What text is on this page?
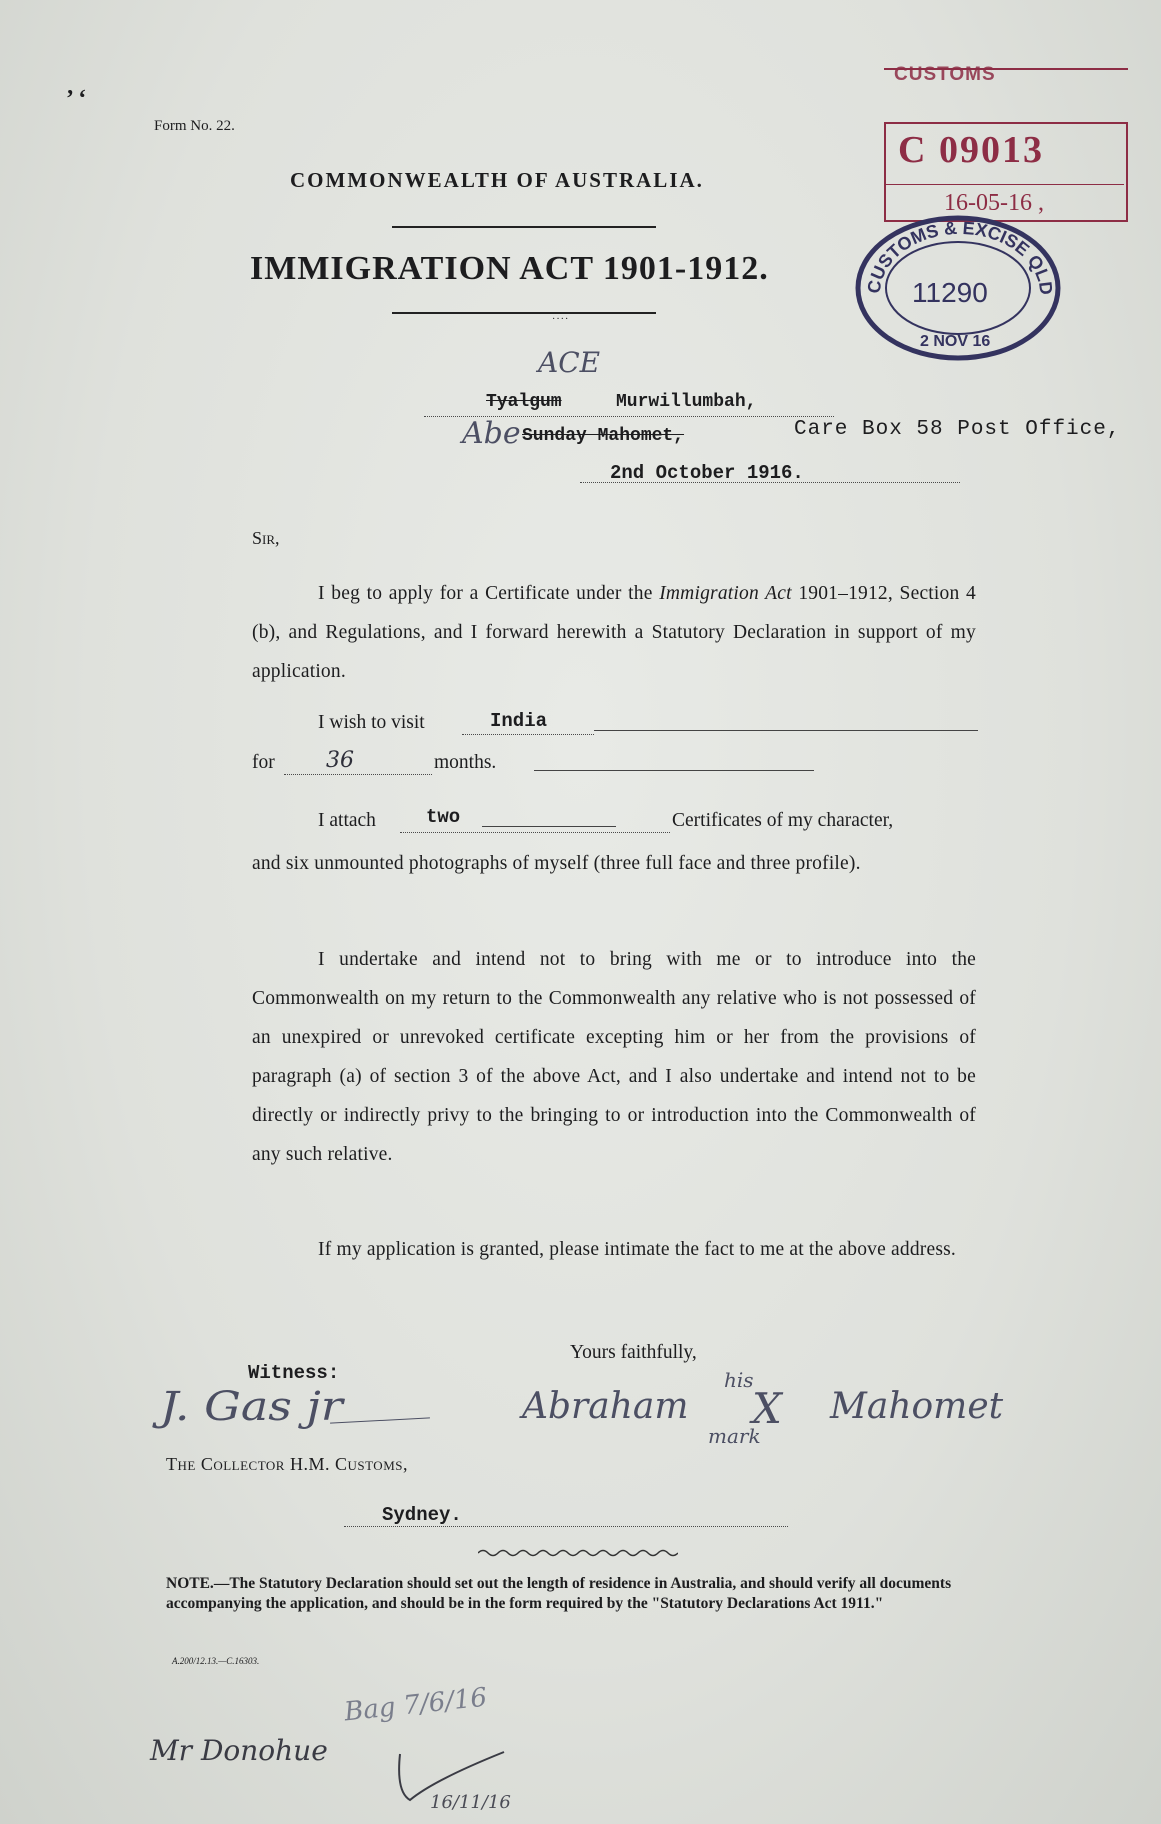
’ ‘
Form No. 22.
COMMONWEALTH OF AUSTRALIA.
IMMIGRATION ACT 1901-1912.
····
CUSTOMS
C 09013
16-05-16 ,
CUSTOMS & EXCISE QLD
11290
2 NOV 16
ACE
Tyalgum	Murwillumbah,
Abe Sunday Mahomet,	Care Box 58 Post Office,
2nd October 1916.
Sir,

I beg to apply for a Certificate under the Immigration Act 1901–1912, Section 4 (b), and Regulations, and I forward herewith a Statutory Declaration in support of my application.

I wish to visit	India
for 36	months.
I attach	two	Certificates of my character,

and six unmounted photographs of myself (three full face and three profile).

I undertake and intend not to bring with me or to introduce into the Commonwealth on my return to the Commonwealth any relative who is not possessed of an unexpired or unrevoked certificate excepting him or her from the provisions of paragraph (a) of section 3 of the above Act, and I also undertake and intend not to be directly or indirectly privy to the bringing to or introduction into the Commonwealth of any such relative.

If my application is granted, please intimate the fact to me at the above address.

Yours faithfully,
Witness:
J. Gas jr	Abraham
his
X
mark
Mahomet
The Collector H.M. Customs,
Sydney.
NOTE.—The Statutory Declaration should set out the length of residence in Australia, and should verify all documents accompanying the application, and should be in the form required by the "Statutory Declarations Act 1911."
A.200/12.13.—C.16303.
Bag 7/6/16
Mr Donohue
16/11/16
